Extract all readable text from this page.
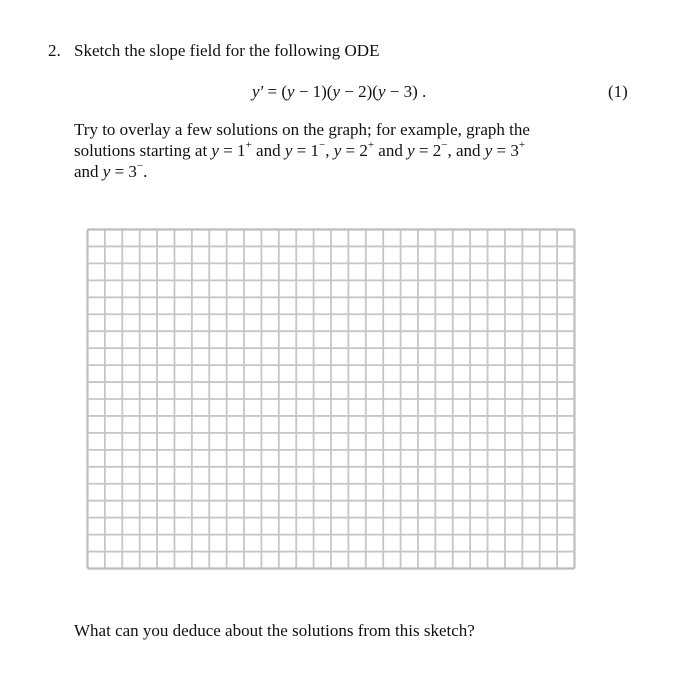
2. Sketch the slope field for the following ODE
y′ = (y − 1)(y − 2)(y − 3) .	(1)
Try to overlay a few solutions on the graph; for example, graph the
solutions starting at y = 1+ and y = 1−, y = 2+ and y = 2−, and y = 3+
and y = 3−.
What can you deduce about the solutions from this sketch?
